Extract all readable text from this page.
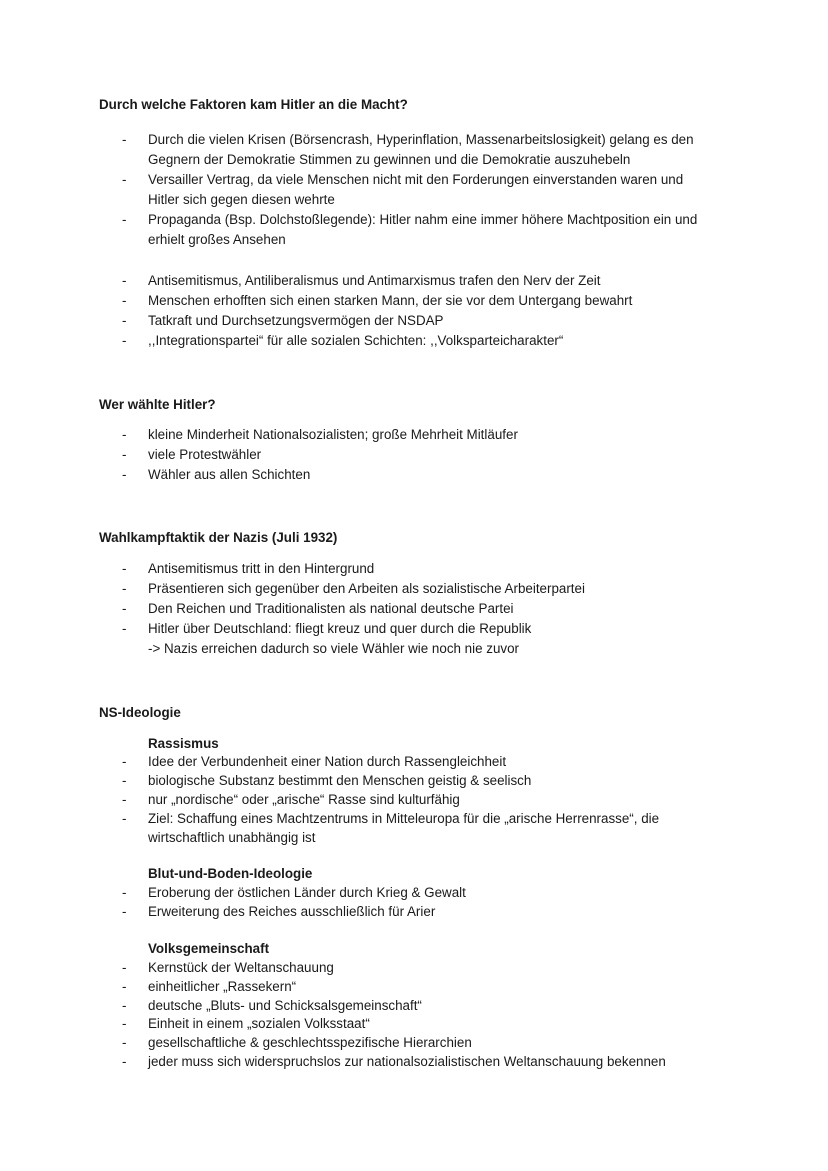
Durch welche Faktoren kam Hitler an die Macht?
- Durch die vielen Krisen (Börsencrash, Hyperinflation, Massenarbeitslosigkeit) gelang es den
Gegnern der Demokratie Stimmen zu gewinnen und die Demokratie auszuhebeln
- Versailler Vertrag, da viele Menschen nicht mit den Forderungen einverstanden waren und
Hitler sich gegen diesen wehrte
- Propaganda (Bsp. Dolchstoßlegende): Hitler nahm eine immer höhere Machtposition ein und
erhielt großes Ansehen
- Antisemitismus, Antiliberalismus und Antimarxismus trafen den Nerv der Zeit
- Menschen erhofften sich einen starken Mann, der sie vor dem Untergang bewahrt
- Tatkraft und Durchsetzungsvermögen der NSDAP
- ,,Integrationspartei“ für alle sozialen Schichten: ,,Volksparteicharakter“
Wer wählte Hitler?
- kleine Minderheit Nationalsozialisten; große Mehrheit Mitläufer
- viele Protestwähler
- Wähler aus allen Schichten
Wahlkampftaktik der Nazis (Juli 1932)
- Antisemitismus tritt in den Hintergrund
- Präsentieren sich gegenüber den Arbeiten als sozialistische Arbeiterpartei
- Den Reichen und Traditionalisten als national deutsche Partei
- Hitler über Deutschland: fliegt kreuz und quer durch die Republik
-> Nazis erreichen dadurch so viele Wähler wie noch nie zuvor
NS-Ideologie
Rassismus
- Idee der Verbundenheit einer Nation durch Rassengleichheit
- biologische Substanz bestimmt den Menschen geistig & seelisch
- nur „nordische“ oder „arische“ Rasse sind kulturfähig
- Ziel: Schaffung eines Machtzentrums in Mitteleuropa für die „arische Herrenrasse“, die
wirtschaftlich unabhängig ist
Blut-und-Boden-Ideologie
- Eroberung der östlichen Länder durch Krieg & Gewalt
- Erweiterung des Reiches ausschließlich für Arier
Volksgemeinschaft
- Kernstück der Weltanschauung
- einheitlicher „Rassekern“
- deutsche „Bluts- und Schicksalsgemeinschaft“
- Einheit in einem „sozialen Volksstaat“
- gesellschaftliche & geschlechtsspezifische Hierarchien
- jeder muss sich widerspruchslos zur nationalsozialistischen Weltanschauung bekennen
